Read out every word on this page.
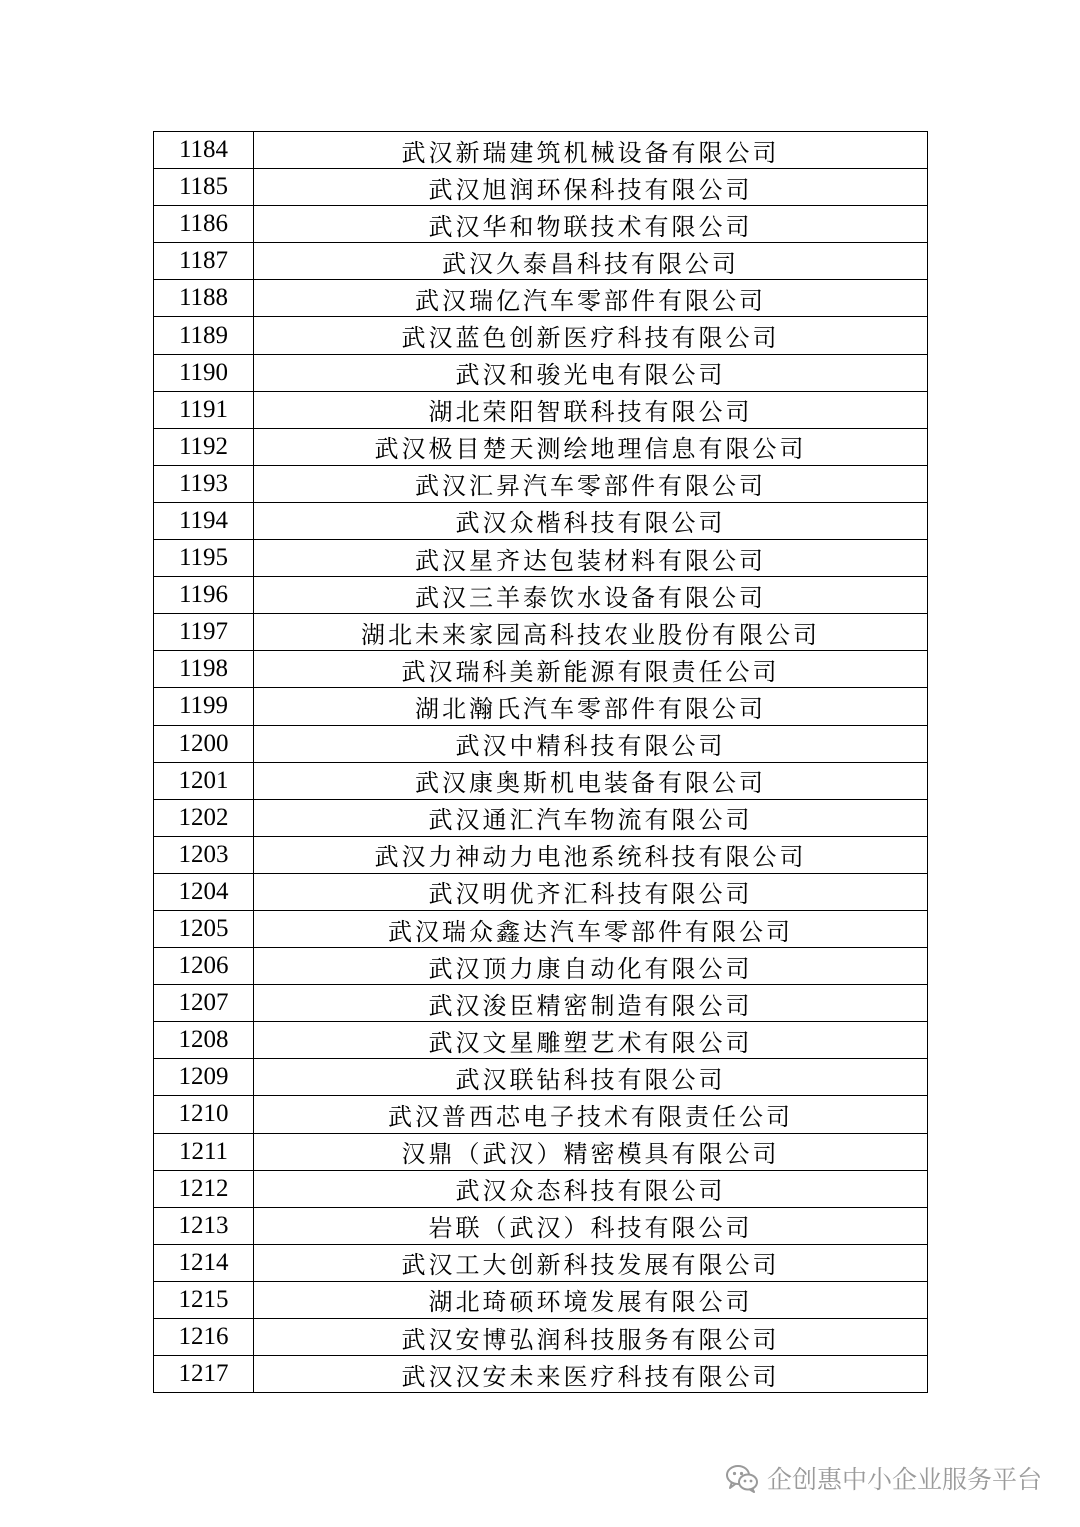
1184	武汉新瑞建筑机械设备有限公司
1185	武汉旭润环保科技有限公司
1186	武汉华和物联技术有限公司
1187	武汉久泰昌科技有限公司
1188	武汉瑞亿汽车零部件有限公司
1189	武汉蓝色创新医疗科技有限公司
1190	武汉和骏光电有限公司
1191	湖北荣阳智联科技有限公司
1192	武汉极目楚天测绘地理信息有限公司
1193	武汉汇昇汽车零部件有限公司
1194	武汉众楷科技有限公司
1195	武汉星齐达包装材料有限公司
1196	武汉三羊泰饮水设备有限公司
1197	湖北未来家园高科技农业股份有限公司
1198	武汉瑞科美新能源有限责任公司
1199	湖北瀚氏汽车零部件有限公司
1200	武汉中精科技有限公司
1201	武汉康奥斯机电装备有限公司
1202	武汉通汇汽车物流有限公司
1203	武汉力神动力电池系统科技有限公司
1204	武汉明优齐汇科技有限公司
1205	武汉瑞众鑫达汽车零部件有限公司
1206	武汉顶力康自动化有限公司
1207	武汉浚臣精密制造有限公司
1208	武汉文星雕塑艺术有限公司
1209	武汉联钻科技有限公司
1210	武汉普西芯电子技术有限责任公司
1211	汉鼎（武汉）精密模具有限公司
1212	武汉众态科技有限公司
1213	岩联（武汉）科技有限公司
1214	武汉工大创新科技发展有限公司
1215	湖北琦硕环境发展有限公司
1216	武汉安博弘润科技服务有限公司
1217	武汉汉安未来医疗科技有限公司
企创惠中小企业服务平台
